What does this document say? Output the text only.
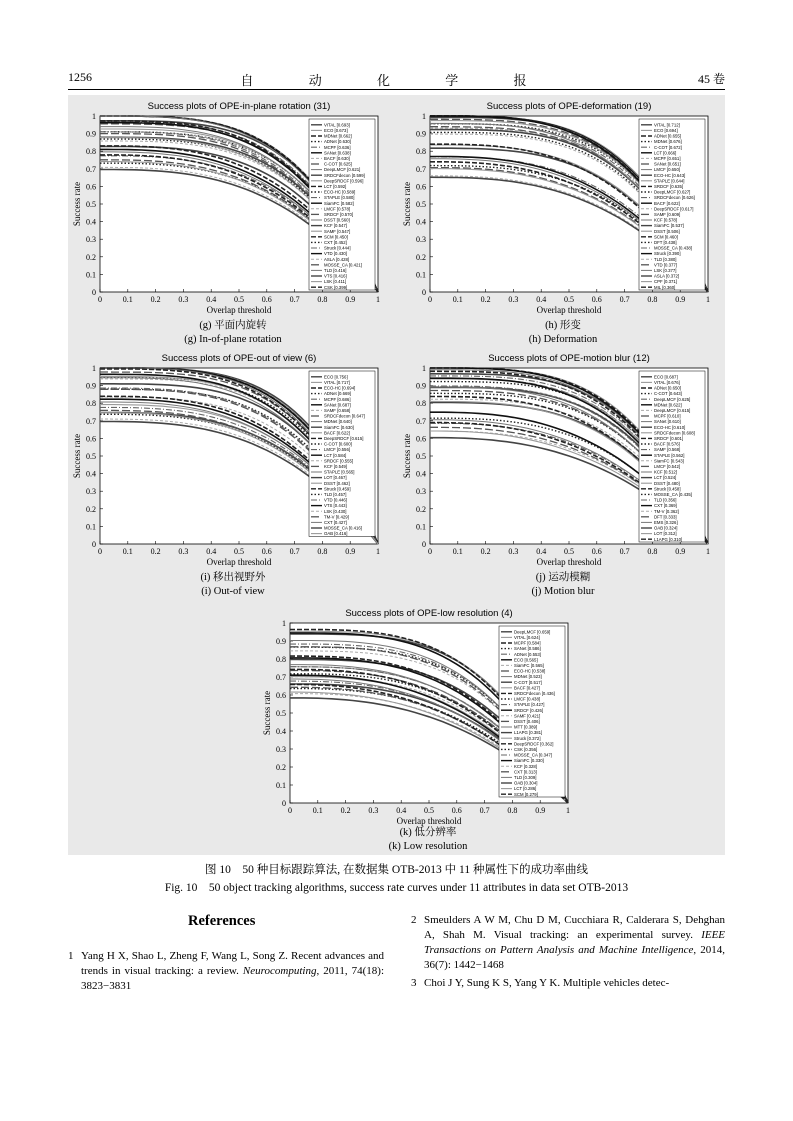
1256	自 动 化 学 报	45 卷
Success plots of OPE-in-plane rotation (31)
0	0.1 0.2 0.3 0.4 0.5 0.6 0.7 0.8 0.9	1
0
0.1
0.2
0.3
0.4
0.5
0.6
0.7
0.8
0.9
1
Overlap threshold
Success rate
VITAL [0.693]
ECO [0.673]
MDNet [0.662]
ADNet [0.630]
MCPF [0.636]
SANet [0.638]
BACF [0.630]
C-COT [0.625]
DeepLMCF [0.621]
SRDCFdecon [0.599]
DeepSRDCF [0.596]
LCT [0.592]
ECO-HC [0.589]
STAPLE [0.580]
SiamFC [0.582]
LMCF [0.578]
SRDCF [0.570]
DSST [0.560]
KCF [0.547]
SAMF [0.547]
SCM [0.450]
CXT [0.452]
Struck [0.444]
VTD [0.430]
ASLA [0.428]
MOSSE_CA [0.421]
TLD [0.416]
VTS [0.416]
LSK [0.411]
CSK [0.399]
Success plots of OPE-deformation (19)
0	0.1 0.2 0.3 0.4 0.5 0.6 0.7 0.8 0.9	1
0
0.1
0.2
0.3
0.4
0.5
0.6
0.7
0.8
0.9
1
Overlap threshold
Success rate
VITAL [0.712]
ECO [0.694]
ADNet [0.655]
MDNet [0.676]
C-COT [0.672]
LCT [0.666]
MCPF [0.651]
SANet [0.651]
LMCF [0.650]
ECO-HC [0.643]
STAPLE [0.644]
SRDCF [0.635]
DeepLMCF [0.627]
SRDCFdecon [0.626]
BACF [0.622]
DeepSRDCF [0.617]
SAMF [0.609]
KCF [0.578]
SiamFC [0.537]
DSST [0.506]
SCM [0.460]
DFT [0.438]
MOSSE_CA [0.438]
Struck [0.390]
TLD [0.380]
VTD [0.377]
LSK [0.377]
ASLA [0.372]
CPF [0.371]
MIL [0.360]
Success plots of OPE-out of view (6)
0	0.1 0.2 0.3 0.4 0.5 0.6 0.7 0.8 0.9	1
0
0.1
0.2
0.3
0.4
0.5
0.6
0.7
0.8
0.9
1
Overlap threshold
Success rate
ECO [0.756]
VITAL [0.717]
ECO-HC [0.694]
ADNet [0.669]
MCPF [0.686]
SANet [0.687]
SAMF [0.658]
SRDCFdecon [0.647]
MDNet [0.640]
SiamFC [0.630]
BACF [0.622]
DeepSRDCF [0.615]
C-COT [0.600]
LMCF [0.556]
LCT [0.584]
SRDCF [0.555]
KCF [0.549]
STAPLE [0.565]
LOT [0.467]
DSST [0.462]
Struck [0.459]
TLD [0.457]
VTD [0.446]
VTS [0.443]
LSK [0.430]
TM-V [0.429]
CXT [0.427]
MOSSE_CA [0.416]
OAB [0.416]
Success plots of OPE-motion blur (12)
0	0.1 0.2 0.3 0.4 0.5 0.6 0.7 0.8 0.9	1
0
0.1
0.2
0.3
0.4
0.5
0.6
0.7
0.8
0.9
1
Overlap threshold
Success rate
ECO [0.687]
VITAL [0.676]
ADNet [0.650]
C-COT [0.643]
DeepLMCF [0.625]
MDNet [0.622]
DeepLMCF [0.615]
MCPF [0.610]
SANet [0.610]
ECO-HC [0.610]
SRDCFdecon [0.608]
SRDCF [0.601]
BACF [0.576]
SAMF [0.568]
STAPLE [0.562]
SiamFC [0.543]
LMCF [0.542]
KCF [0.512]
LCT [0.524]
DSST [0.480]
Struck [0.458]
MOSSE_CA [0.435]
TLD [0.356]
CXT [0.369]
TM-V [0.362]
DFT [0.333]
EMS [0.326]
OAB [0.324]
LOT [0.312]
L1APG [0.310]
Success plots of OPE-low resolution (4)
0	0.1 0.2 0.3 0.4 0.5 0.6 0.7 0.8 0.9	1
0
0.1
0.2
0.3
0.4
0.5
0.6
0.7
0.8
0.9
1
Overlap threshold
Success rate
DeepLMCF [0.659]
VITAL [0.624]
MCPF [0.584]
SANet [0.586]
ADNet [0.553]
ECO [0.565]
SiamFC [0.565]
ECO-HC [0.538]
MDNet [0.523]
C-COT [0.517]
BACF [0.427]
SRDCFdecon [0.436]
LMCF [0.438]
STAPLE [0.427]
SRDCF [0.426]
SAMF [0.421]
DSST [0.406]
MTT [0.389]
L1APG [0.381]
Struck [0.372]
DeepSRDCF [0.362]
CSK [0.356]
MOSSE_CA [0.347]
SiamFC [0.330]
KCF [0.328]
CXT [0.313]
TLD [0.309]
OAB [0.304]
LCT [0.286]
SCM [0.279]
(g) 平面内旋转
(g) In-of-plane rotation
(h) 形变
(h) Deformation
(i) 移出视野外
(i) Out-of view
(j) 运动模糊
(j) Motion blur
(k) 低分辨率
(k) Low resolution
图 10　50 种目标跟踪算法, 在数据集 OTB-2013 中 11 种属性下的成功率曲线
Fig. 10　50 object tracking algorithms, success rate curves under 11 attributes in data set OTB-2013
References
1 Yang H X, Shao L, Zheng F, Wang L, Song Z. Recent advances and trends in visual tracking: a review. Neurocomputing, 2011, 74(18): 3823−3831
2 Smeulders A W M, Chu D M, Cucchiara R, Calderara S, Dehghan A, Shah M. Visual tracking: an experimental survey. IEEE Transactions on Pattern Analysis and Machine Intelligence, 2014, 36(7): 1442−1468
3 Choi J Y, Sung K S, Yang Y K. Multiple vehicles detec-
